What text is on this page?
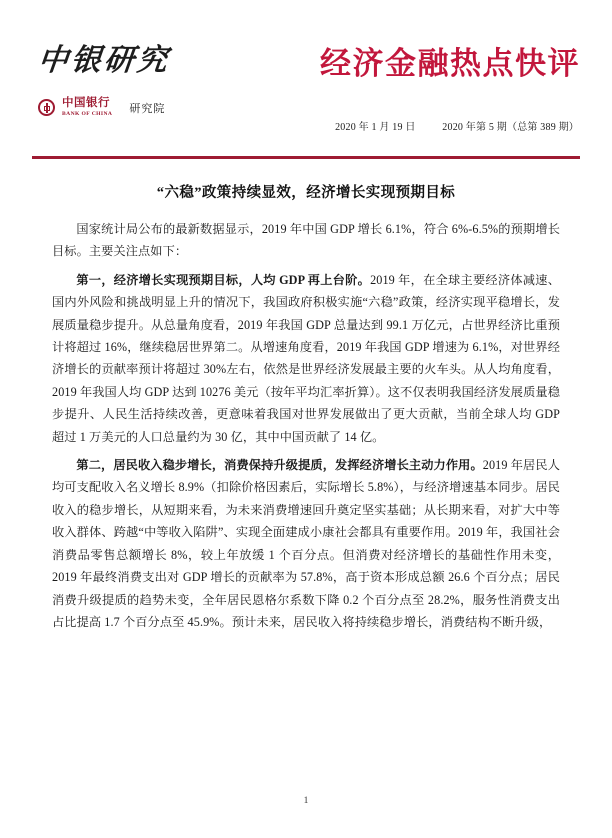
中银研究
中国银行
BANK OF CHINA 研究院
经济金融热点快评
2020 年 1 月 19 日	2020 年第 5 期（总第 389 期）
“六稳”政策持续显效，经济增长实现预期目标

国家统计局公布的最新数据显示，2019 年中国 GDP 增长 6.1%，符合 6%-6.5%的预期增长目标。主要关注点如下：

第一，经济增长实现预期目标，人均 GDP 再上台阶。2019 年，在全球主要经济体减速、国内外风险和挑战明显上升的情况下，我国政府积极实施“六稳”政策，经济实现平稳增长，发展质量稳步提升。从总量角度看，2019 年我国 GDP 总量达到 99.1 万亿元，占世界经济比重预计将超过 16%，继续稳居世界第二。从增速角度看，2019 年我国 GDP 增速为 6.1%，对世界经济增长的贡献率预计将超过 30%左右，依然是世界经济发展最主要的火车头。从人均角度看，2019 年我国人均 GDP 达到 10276 美元（按年平均汇率折算）。这不仅表明我国经济发展质量稳步提升、人民生活持续改善，更意味着我国对世界发展做出了更大贡献，当前全球人均 GDP 超过 1 万美元的人口总量约为 30 亿，其中中国贡献了 14 亿。

第二，居民收入稳步增长，消费保持升级提质，发挥经济增长主动力作用。2019 年居民人均可支配收入名义增长 8.9%（扣除价格因素后，实际增长 5.8%），与经济增速基本同步。居民收入的稳步增长，从短期来看，为未来消费增速回升奠定坚实基础；从长期来看，对扩大中等收入群体、跨越“中等收入陷阱”、实现全面建成小康社会都具有重要作用。2019 年，我国社会消费品零售总额增长 8%，较上年放缓 1 个百分点。但消费对经济增长的基础性作用未变，2019 年最终消费支出对 GDP 增长的贡献率为 57.8%，高于资本形成总额 26.6 个百分点；居民消费升级提质的趋势未变，全年居民恩格尔系数下降 0.2 个百分点至 28.2%，服务性消费支出占比提高 1.7 个百分点至 45.9%。预计未来，居民收入将持续稳步增长，消费结构不断升级，

1
